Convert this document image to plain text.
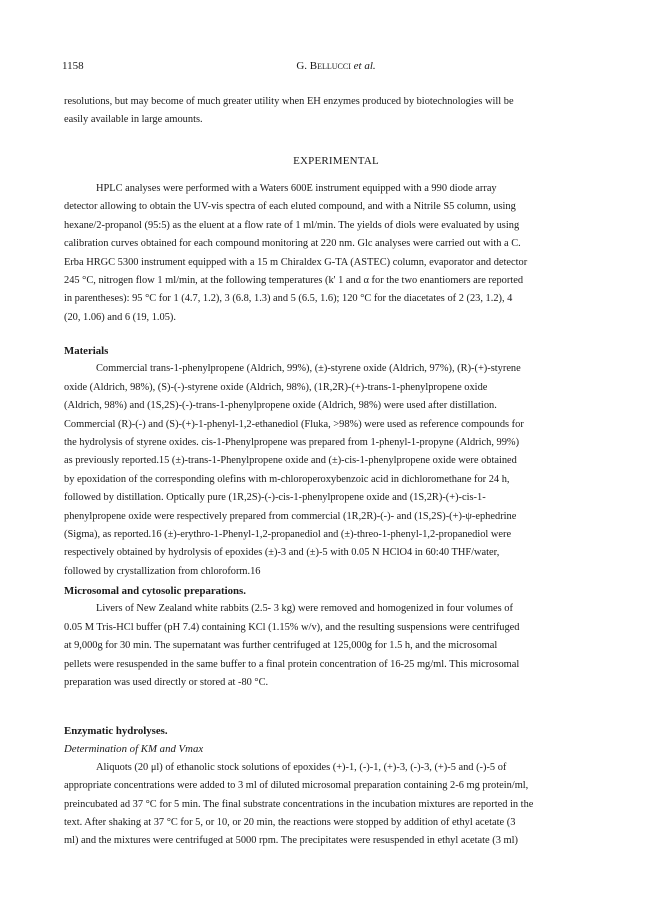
1158	G. Bellucci et al.

resolutions, but may become of much greater utility when EH enzymes produced by biotechnologies will be

easily available in large amounts.

EXPERIMENTAL

HPLC analyses were performed with a Waters 600E instrument equipped with a 990 diode array

detector allowing to obtain the UV-vis spectra of each eluted compound, and with a Nitrile S5 column, using

hexane/2-propanol (95:5) as the eluent at a flow rate of 1 ml/min. The yields of diols were evaluated by using

calibration curves obtained for each compound monitoring at 220 nm. Glc analyses were carried out with a C.

Erba HRGC 5300 instrument equipped with a 15 m Chiraldex G-TA (ASTEC) column, evaporator and detector

245 °C, nitrogen flow 1 ml/min, at the following temperatures (k' 1 and α for the two enantiomers are reported

in parentheses): 95 °C for 1 (4.7, 1.2), 3 (6.8, 1.3) and 5 (6.5, 1.6); 120 °C for the diacetates of 2 (23, 1.2), 4

(20, 1.06) and 6 (19, 1.05).

Materials

Commercial trans-1-phenylpropene (Aldrich, 99%), (±)-styrene oxide (Aldrich, 97%), (R)-(+)-styrene

oxide (Aldrich, 98%), (S)-(-)-styrene oxide (Aldrich, 98%), (1R,2R)-(+)-trans-1-phenylpropene oxide

(Aldrich, 98%) and (1S,2S)-(-)-trans-1-phenylpropene oxide (Aldrich, 98%) were used after distillation.

Commercial (R)-(-) and (S)-(+)-1-phenyl-1,2-ethanediol (Fluka, >98%) were used as reference compounds for

the hydrolysis of styrene oxides. cis-1-Phenylpropene was prepared from 1-phenyl-1-propyne (Aldrich, 99%)

as previously reported.15 (±)-trans-1-Phenylpropene oxide and (±)-cis-1-phenylpropene oxide were obtained

by epoxidation of the corresponding olefins with m-chloroperoxybenzoic acid in dichloromethane for 24 h,

followed by distillation. Optically pure (1R,2S)-(-)-cis-1-phenylpropene oxide and (1S,2R)-(+)-cis-1-

phenylpropene oxide were respectively prepared from commercial (1R,2R)-(-)- and (1S,2S)-(+)-ψ-ephedrine

(Sigma), as reported.16 (±)-erythro-1-Phenyl-1,2-propanediol and (±)-threo-1-phenyl-1,2-propanediol were

respectively obtained by hydrolysis of epoxides (±)-3 and (±)-5 with 0.05 N HClO4 in 60:40 THF/water,

followed by crystallization from chloroform.16

Microsomal and cytosolic preparations.

Livers of New Zealand white rabbits (2.5- 3 kg) were removed and homogenized in four volumes of

0.05 M Tris-HCl buffer (pH 7.4) containing KCl (1.15% w/v), and the resulting suspensions were centrifuged

at 9,000g for 30 min. The supernatant was further centrifuged at 125,000g for 1.5 h, and the microsomal

pellets were resuspended in the same buffer to a final protein concentration of 16-25 mg/ml. This microsomal

preparation was used directly or stored at -80 °C.

Enzymatic hydrolyses.

Determination of KM and Vmax

Aliquots (20 μl) of ethanolic stock solutions of epoxides (+)-1, (-)-1, (+)-3, (-)-3, (+)-5 and (-)-5 of

appropriate concentrations were added to 3 ml of diluted microsomal preparation containing 2-6 mg protein/ml,

preincubated ad 37 °C for 5 min. The final substrate concentrations in the incubation mixtures are reported in the

text. After shaking at 37 °C for 5, or 10, or 20 min, the reactions were stopped by addition of ethyl acetate (3

ml) and the mixtures were centrifuged at 5000 rpm. The precipitates were resuspended in ethyl acetate (3 ml)
